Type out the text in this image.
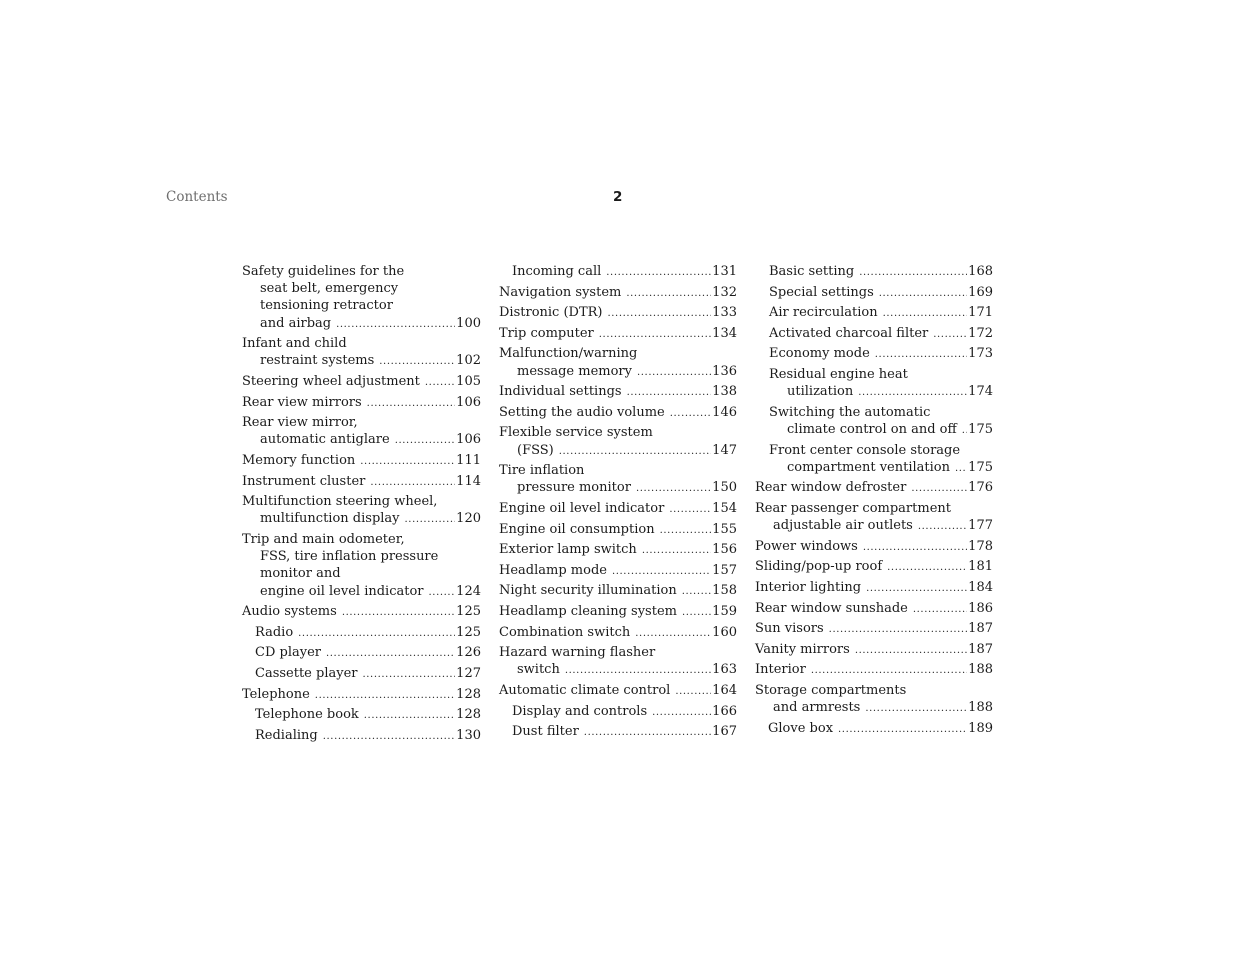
Contents	2
Safety guidelines for the
seat belt, emergency
tensioning retractor
and airbag .....	100
Infant and child
restraint systems .....	102
Steering wheel adjustment .....	105
Rear view mirrors .....	106
Rear view mirror,
automatic antiglare .....	106
Memory function .....	111
Instrument cluster .....	114
Multifunction steering wheel,
multifunction display .....	120
Trip and main odometer,
FSS, tire inflation pressure
monitor and
engine oil level indicator .....	124
Audio systems .....	125
Radio .....	125
CD player .....	126
Cassette player .....	127
Telephone .....	128
Telephone book .....	128
Redialing .....	130
Incoming call .....	131
Navigation system .....	132
Distronic (DTR) .....	133
Trip computer .....	134
Malfunction/warning
message memory .....	136
Individual settings .....	138
Setting the audio volume .....	146
Flexible service system
(FSS) .....	147
Tire inflation
pressure monitor .....	150
Engine oil level indicator .....	154
Engine oil consumption .....	155
Exterior lamp switch .....	156
Headlamp mode .....	157
Night security illumination .....	158
Headlamp cleaning system .....	159
Combination switch .....	160
Hazard warning flasher
switch .....	163
Automatic climate control .....	164
Display and controls .....	166
Dust filter .....	167
Basic setting .....	168
Special settings .....	169
Air recirculation .....	171
Activated charcoal filter .....	172
Economy mode .....	173
Residual engine heat
utilization .....	174
Switching the automatic
climate control on and off ..... 175
Front center console storage
compartment ventilation .....	175
Rear window defroster .....	176
Rear passenger compartment
adjustable air outlets .....	177
Power windows .....	178
Sliding/pop-up roof .....	181
Interior lighting .....	184
Rear window sunshade .....	186
Sun visors .....	187
Vanity mirrors .....	187
Interior .....	188
Storage compartments
and armrests .....	188
Glove box .....	189
